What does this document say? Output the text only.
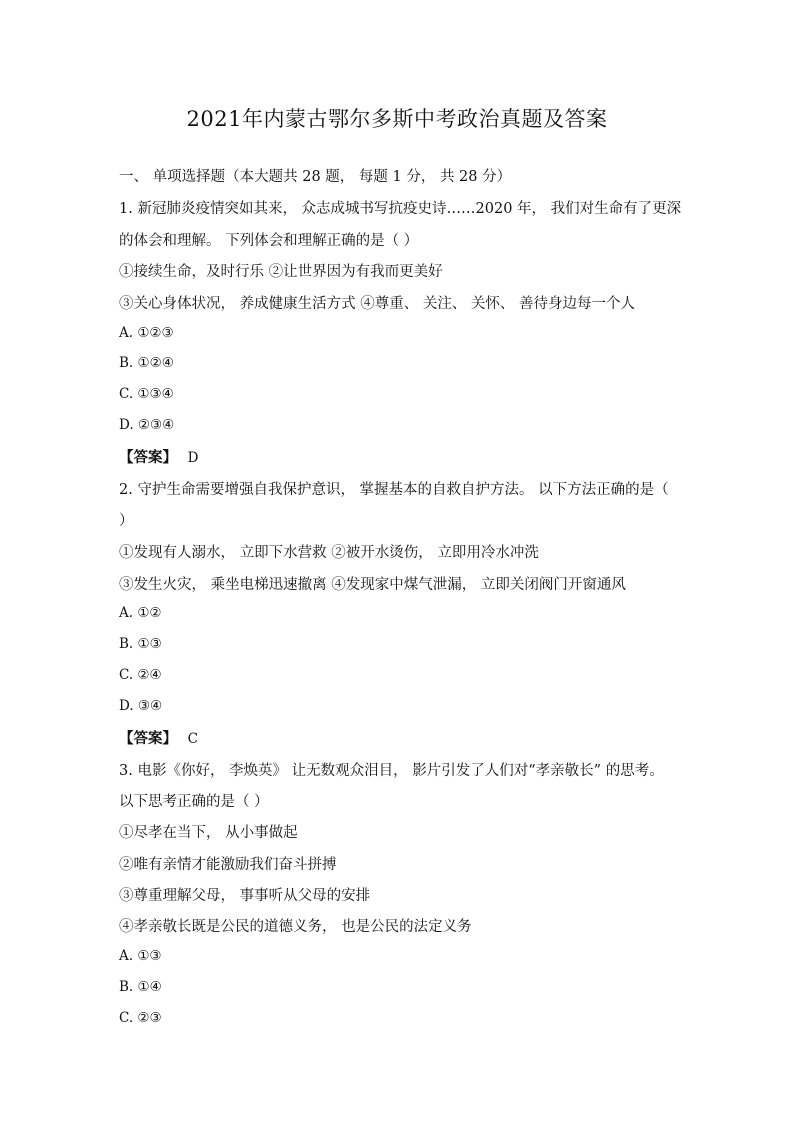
2021年内蒙古鄂尔多斯中考政治真题及答案
一、 单项选择题（本大题共 28 题， 每题 1 分， 共 28 分）
1. 新冠肺炎疫情突如其来， 众志成城书写抗疫史诗……2020 年， 我们对生命有了更深
的体会和理解。 下列体会和理解正确的是（ ）
①接续生命，及时行乐 ②让世界因为有我而更美好
③关心身体状况， 养成健康生活方式 ④尊重、 关注、 关怀、 善待身边每一个人
A. ①②③
B. ①②④
C. ①③④
D. ②③④
【答案】 D
2. 守护生命需要增强自我保护意识， 掌握基本的自救自护方法。 以下方法正确的是（
）
①发现有人溺水， 立即下水营救 ②被开水烫伤， 立即用冷水冲洗
③发生火灾， 乘坐电梯迅速撤离 ④发现家中煤气泄漏， 立即关闭阀门开窗通风
A. ①②
B. ①③
C. ②④
D. ③④
【答案】 C
3. 电影《你好， 李焕英》 让无数观众泪目， 影片引发了人们对“孝亲敬长” 的思考。
以下思考正确的是（ ）
①尽孝在当下， 从小事做起
②唯有亲情才能激励我们奋斗拼搏
③尊重理解父母， 事事听从父母的安排
④孝亲敬长既是公民的道德义务， 也是公民的法定义务
A. ①③
B. ①④
C. ②③
